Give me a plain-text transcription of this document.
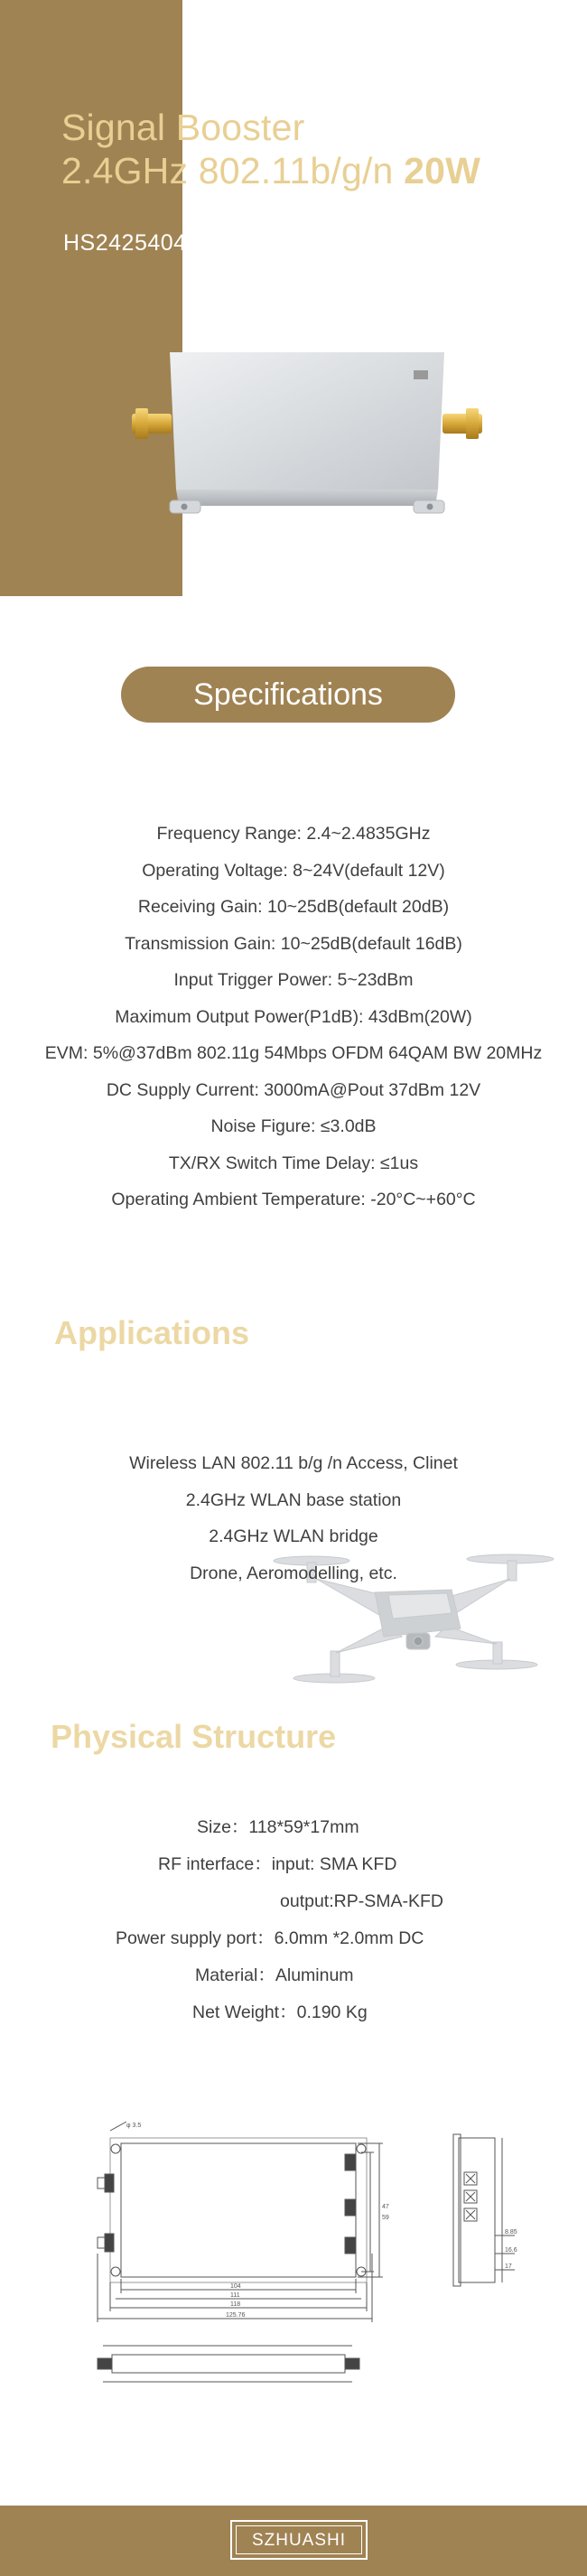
Signal Booster
2.4GHz 802.11b/g/n 20W
HS24254043D2
Specifications
Frequency Range: 2.4~2.4835GHz
Operating Voltage: 8~24V(default 12V)
Receiving Gain: 10~25dB(default 20dB)
Transmission Gain: 10~25dB(default 16dB)
Input Trigger Power: 5~23dBm
Maximum Output Power(P1dB): 43dBm(20W)
EVM: 5%@37dBm 802.11g 54Mbps OFDM 64QAM BW 20MHz
DC Supply Current: 3000mA@Pout 37dBm 12V
Noise Figure: ≤3.0dB
TX/RX Switch Time Delay: ≤1us
Operating Ambient Temperature: -20°C~+60°C
Applications
Wireless LAN 802.11 b/g /n Access, Clinet
2.4GHz WLAN base station
2.4GHz WLAN bridge
Drone, Aeromodelling, etc.
Physical Structure
Size：118*59*17mm
RF interface：input: SMA KFD
output:RP-SMA-KFD
Power supply port：6.0mm *2.0mm DC
Material：Aluminum
Net Weight：0.190 Kg
φ 3.5
104
111
118
125.76
47
59
8.85
16.6
17
SZHUASHI
